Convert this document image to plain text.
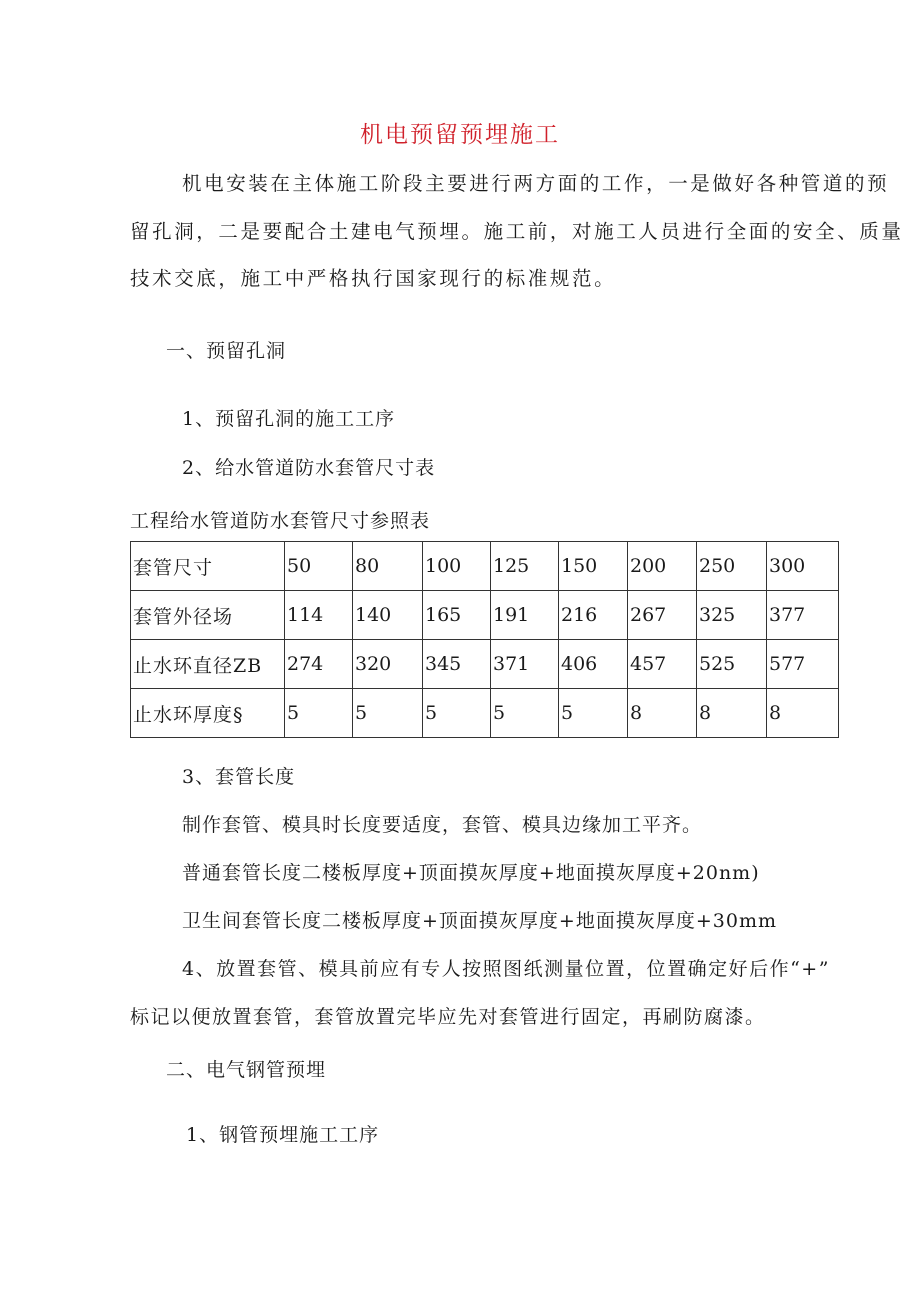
机电预留预埋施工
机电安装在主体施工阶段主要进行两方面的工作，一是做好各种管道的预
留孔洞，二是要配合土建电气预埋。施工前，对施工人员进行全面的安全、质量
技术交底，施工中严格执行国家现行的标准规范。
一、预留孔洞
1、预留孔洞的施工工序
2、给水管道防水套管尺寸表
工程给水管道防水套管尺寸参照表
套管尺寸	50	80	100	125	150	200	250	300
套管外径场	114	140	165	191	216	267	325	377
止水环直径ZB	274	320	345	371	406	457	525	577
止水环厚度§	5	5	5	5	5	8	8	8
3、套管长度
制作套管、模具时长度要适度，套管、模具边缘加工平齐。
普通套管长度二楼板厚度+顶面摸灰厚度+地面摸灰厚度+20nm)
卫生间套管长度二楼板厚度+顶面摸灰厚度+地面摸灰厚度+30mm
4、放置套管、模具前应有专人按照图纸测量位置，位置确定好后作“+”
标记以便放置套管，套管放置完毕应先对套管进行固定，再刷防腐漆。
二、电气钢管预埋
1、钢管预埋施工工序
